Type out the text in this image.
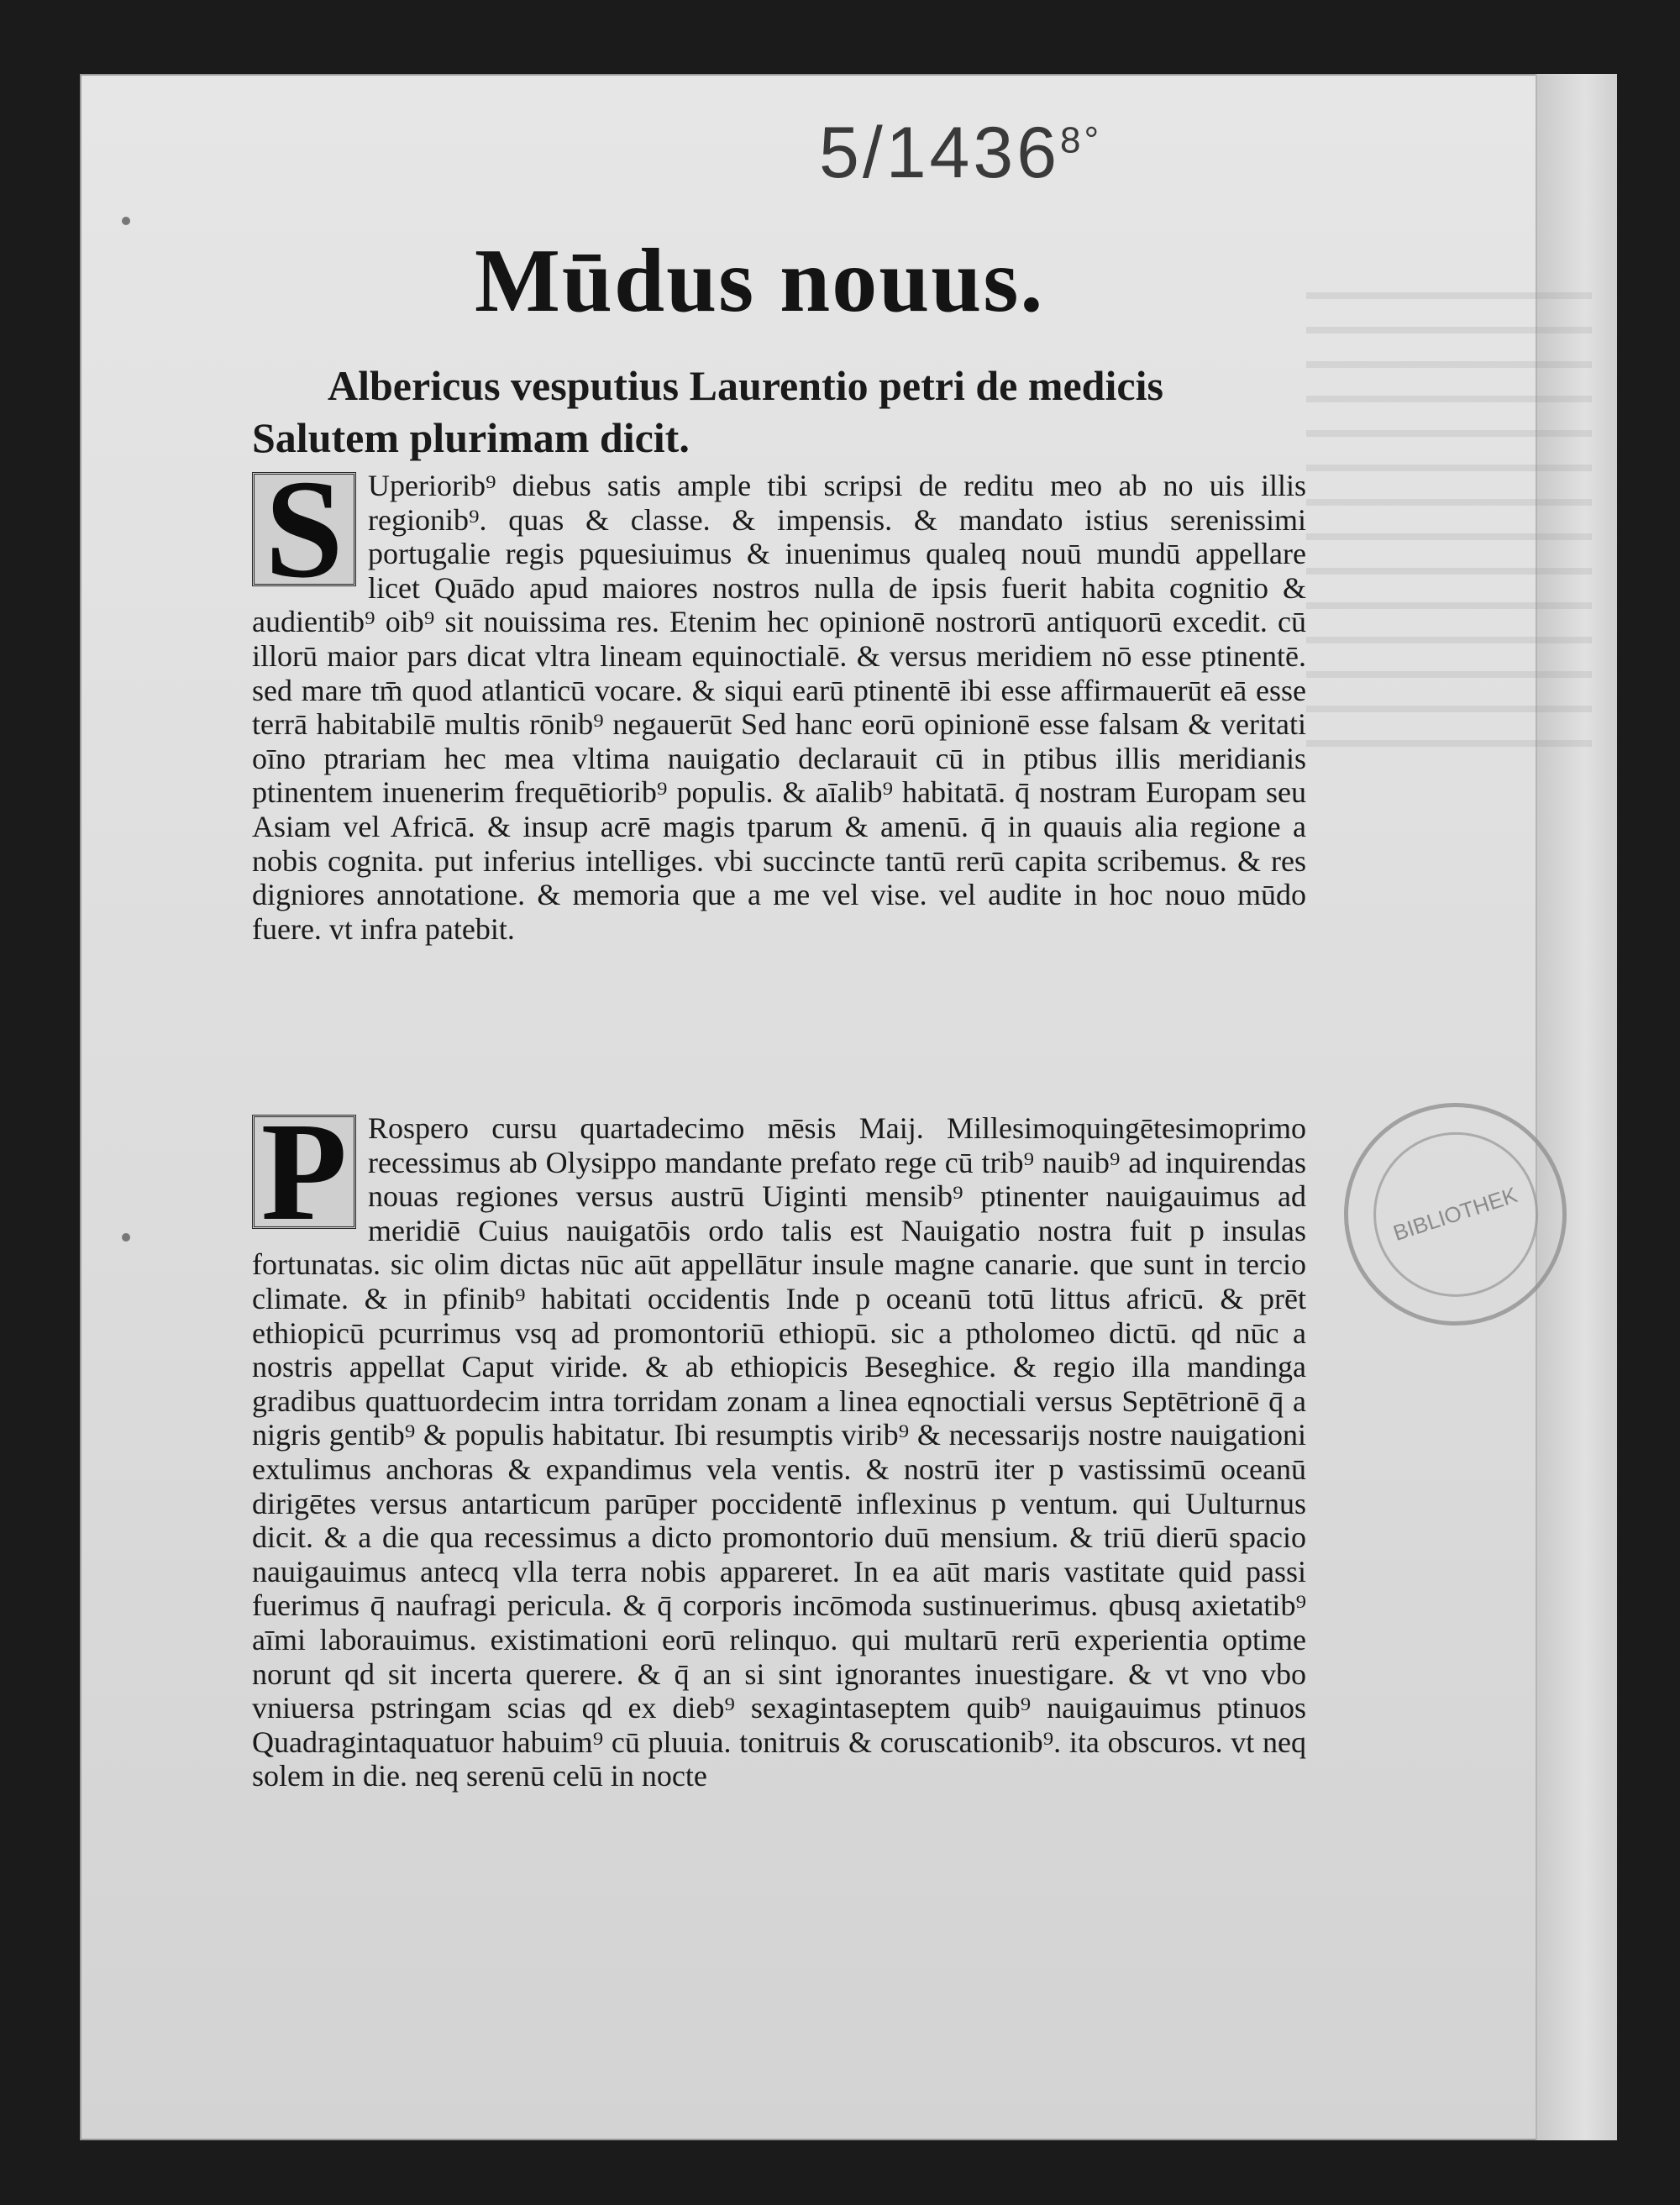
$5/1436^{8^\circ}$
Mūdus nouus.
Albericus vesputius Laurentio petri de medicis
Salutem plurimam dicit.
S Uperiorib⁹ diebus satis ample tibi scripsi de reditu meo ab no uis illis regionib⁹. quas & classe. & impensis. & mandato istius serenissimi portugalie regis pquesiuimus & inuenimus qualeq nouū mundū appellare licet Quādo apud maiores nostros nulla de ipsis fuerit habita cognitio & audientib⁹ oib⁹ sit nouissima res. Etenim hec opinionē nostrorū antiquorū excedit. cū illorū maior pars dicat vltra lineam equinoctialē. & versus meridiem nō esse ptinentē. sed mare tm̄ quod atlanticū vocare. & siqui earū ptinentē ibi esse affirmauerūt eā esse terrā habitabilē multis rōnib⁹ negauerūt Sed hanc eorū opinionē esse falsam & veritati oīno ptrariam hec mea vltima nauigatio declarauit cū in ptibus illis meridianis ptinentem inuenerim frequētiorib⁹ populis. & aīalib⁹ habitatā. q̄ nostram Europam seu Asiam vel Africā. & insup acrē magis tparum & amenū. q̄ in quauis alia regione a nobis cognita. put inferius intelliges. vbi succincte tantū rerū capita scribemus. & res digniores annotatione. & memoria que a me vel vise. vel audite in hoc nouo mūdo fuere. vt infra patebit.
P Rospero cursu quartadecimo mēsis Maij. Millesimoquingētesimoprimo recessimus ab Olysippo mandante prefato rege cū trib⁹ nauib⁹ ad inquirendas nouas regiones versus austrū Uiginti mensib⁹ ptinenter nauigauimus ad meridiē Cuius nauigatōis ordo talis est Nauigatio nostra fuit p insulas fortunatas. sic olim dictas nūc aūt appellātur insule magne canarie. que sunt in tercio climate. & in pfinib⁹ habitati occidentis Inde p oceanū totū littus africū. & prēt ethiopicū pcurrimus vsq ad promontoriū ethiopū. sic a ptholomeo dictū. qd nūc a nostris appellat Caput viride. & ab ethiopicis Beseghice. & regio illa mandinga gradibus quattuordecim intra torridam zonam a linea eqnoctiali versus Septētrionē q̄ a nigris gentib⁹ & populis habitatur. Ibi resumptis virib⁹ & necessarijs nostre nauigationi extulimus anchoras & expandimus vela ventis. & nostrū iter p vastissimū oceanū dirigētes versus antarticum parūper poccidentē inflexinus p ventum. qui Uulturnus dicit. & a die qua recessimus a dicto promontorio duū mensium. & triū dierū spacio nauigauimus antecq vlla terra nobis appareret. In ea aūt maris vastitate quid passi fuerimus q̄ naufragi pericula. & q̄ corporis incōmoda sustinuerimus. qbusq axietatib⁹ aīmi laborauimus. existimationi eorū relinquo. qui multarū rerū experientia optime norunt qd sit incerta querere. & q̄ an si sint ignorantes inuestigare. & vt vno vbo vniuersa pstringam scias qd ex dieb⁹ sexagintaseptem quib⁹ nauigauimus ptinuos Quadragintaquatuor habuim⁹ cū pluuia. tonitruis & coruscationib⁹. ita obscuros. vt neq solem in die. neq serenū celū in nocte
BIBLIOTHEK
